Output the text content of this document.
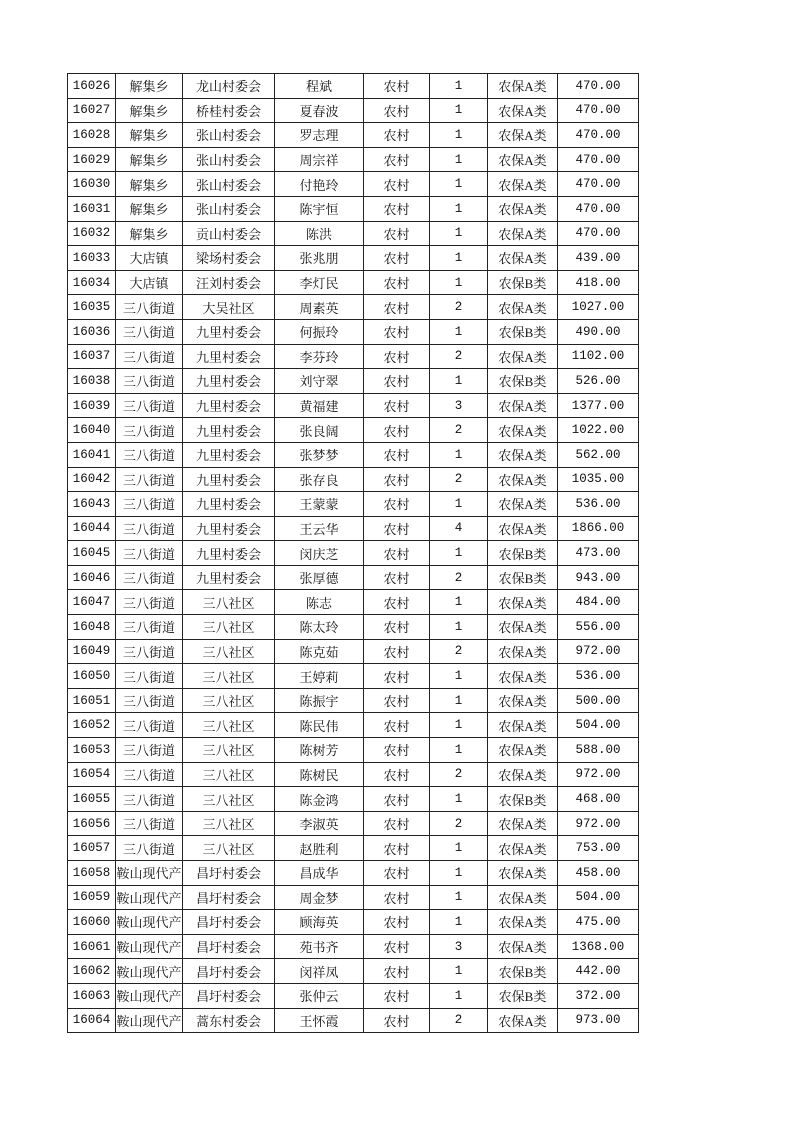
16026	解集乡	龙山村委会	程斌	农村	1	农保A类	470.00
16027	解集乡	桥桂村委会	夏春波	农村	1	农保A类	470.00
16028	解集乡	张山村委会	罗志理	农村	1	农保A类	470.00
16029	解集乡	张山村委会	周宗祥	农村	1	农保A类	470.00
16030	解集乡	张山村委会	付艳玲	农村	1	农保A类	470.00
16031	解集乡	张山村委会	陈宇恒	农村	1	农保A类	470.00
16032	解集乡	贡山村委会	陈洪	农村	1	农保A类	470.00
16033	大店镇	梁场村委会	张兆朋	农村	1	农保A类	439.00
16034	大店镇	汪刘村委会	李灯民	农村	1	农保B类	418.00
16035	三八街道	大吴社区	周素英	农村	2	农保A类	1027.00
16036	三八街道	九里村委会	何振玲	农村	1	农保B类	490.00
16037	三八街道	九里村委会	李芬玲	农村	2	农保A类	1102.00
16038	三八街道	九里村委会	刘守翠	农村	1	农保B类	526.00
16039	三八街道	九里村委会	黄福建	农村	3	农保A类	1377.00
16040	三八街道	九里村委会	张良阔	农村	2	农保A类	1022.00
16041	三八街道	九里村委会	张梦梦	农村	1	农保A类	562.00
16042	三八街道	九里村委会	张存良	农村	2	农保A类	1035.00
16043	三八街道	九里村委会	王蒙蒙	农村	1	农保A类	536.00
16044	三八街道	九里村委会	王云华	农村	4	农保A类	1866.00
16045	三八街道	九里村委会	闵庆芝	农村	1	农保B类	473.00
16046	三八街道	九里村委会	张厚德	农村	2	农保B类	943.00
16047	三八街道	三八社区	陈志	农村	1	农保A类	484.00
16048	三八街道	三八社区	陈太玲	农村	1	农保A类	556.00
16049	三八街道	三八社区	陈克茹	农村	2	农保A类	972.00
16050	三八街道	三八社区	王婷莉	农村	1	农保A类	536.00
16051	三八街道	三八社区	陈振宇	农村	1	农保A类	500.00
16052	三八街道	三八社区	陈民伟	农村	1	农保A类	504.00
16053	三八街道	三八社区	陈树芳	农村	1	农保A类	588.00
16054	三八街道	三八社区	陈树民	农村	2	农保A类	972.00
16055	三八街道	三八社区	陈金鸿	农村	1	农保B类	468.00
16056	三八街道	三八社区	李淑英	农村	2	农保A类	972.00
16057	三八街道	三八社区	赵胜利	农村	1	农保A类	753.00
16058	鞍山现代产	昌圩村委会	昌成华	农村	1	农保A类	458.00
16059	鞍山现代产	昌圩村委会	周金梦	农村	1	农保A类	504.00
16060	鞍山现代产	昌圩村委会	顾海英	农村	1	农保A类	475.00
16061	鞍山现代产	昌圩村委会	苑书齐	农村	3	农保A类	1368.00
16062	鞍山现代产	昌圩村委会	闵祥凤	农村	1	农保B类	442.00
16063	鞍山现代产	昌圩村委会	张仲云	农村	1	农保B类	372.00
16064	鞍山现代产	蒿东村委会	王怀霞	农村	2	农保A类	973.00
